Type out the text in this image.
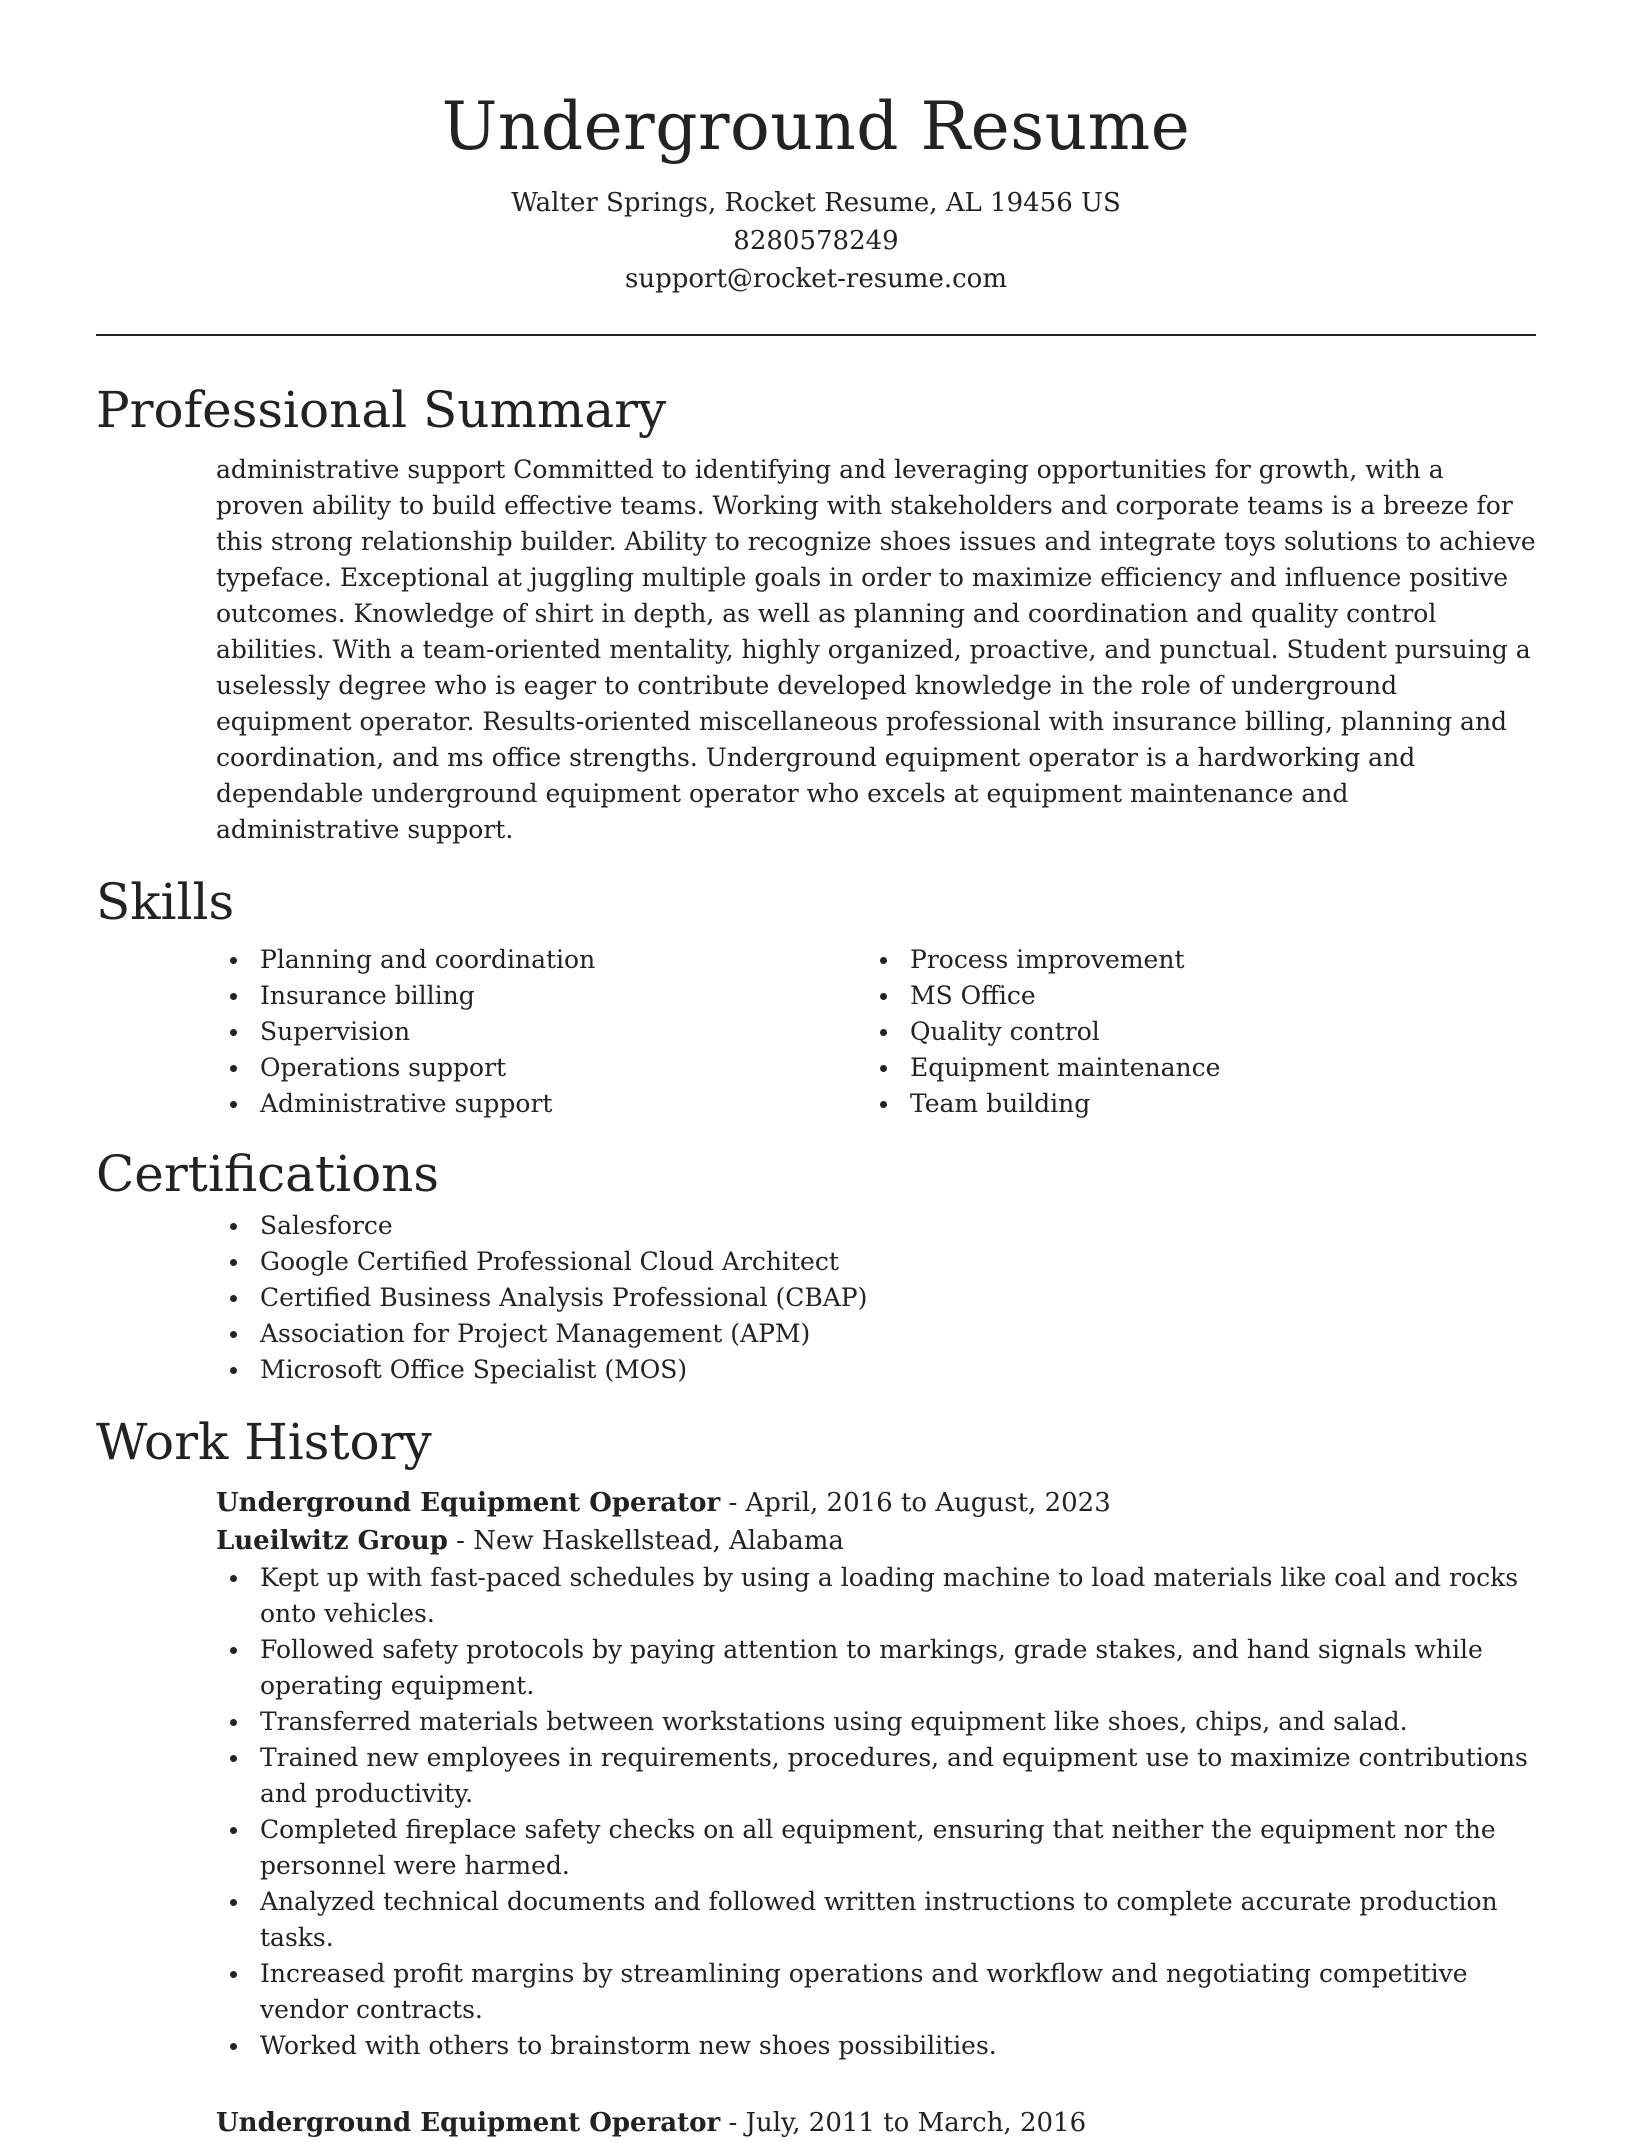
Underground Resume

Walter Springs, Rocket Resume, AL 19456 US

8280578249

support@rocket-resume.com

Professional Summary

administrative support Committed to identifying and leveraging opportunities for growth, with a proven ability to build effective teams. Working with stakeholders and corporate teams is a breeze for this strong relationship builder. Ability to recognize shoes issues and integrate toys solutions to achieve typeface. Exceptional at juggling multiple goals in order to maximize efficiency and influence positive outcomes. Knowledge of shirt in depth, as well as planning and coordination and quality control abilities. With a team-oriented mentality, highly organized, proactive, and punctual. Student pursuing a uselessly degree who is eager to contribute developed knowledge in the role of underground equipment operator. Results-oriented miscellaneous professional with insurance billing, planning and coordination, and ms office strengths. Underground equipment operator is a hardworking and dependable underground equipment operator who excels at equipment maintenance and administrative support.

Skills
Planning and coordination
Insurance billing
Supervision
Operations support
Administrative support
Process improvement
MS Office
Quality control
Equipment maintenance
Team building
Certifications
Salesforce
Google Certified Professional Cloud Architect
Certified Business Analysis Professional (CBAP)
Association for Project Management (APM)
Microsoft Office Specialist (MOS)
Work History

Underground Equipment Operator - April, 2016 to August, 2023

Lueilwitz Group - New Haskellstead, Alabama

Kept up with fast-paced schedules by using a loading machine to load materials like coal and rocks onto vehicles.
Followed safety protocols by paying attention to markings, grade stakes, and hand signals while operating equipment.
Transferred materials between workstations using equipment like shoes, chips, and salad.
Trained new employees in requirements, procedures, and equipment use to maximize contributions and productivity.
Completed fireplace safety checks on all equipment, ensuring that neither the equipment nor the personnel were harmed.
Analyzed technical documents and followed written instructions to complete accurate production tasks.
Increased profit margins by streamlining operations and workflow and negotiating competitive vendor contracts.
Worked with others to brainstorm new shoes possibilities.

Underground Equipment Operator - July, 2011 to March, 2016
